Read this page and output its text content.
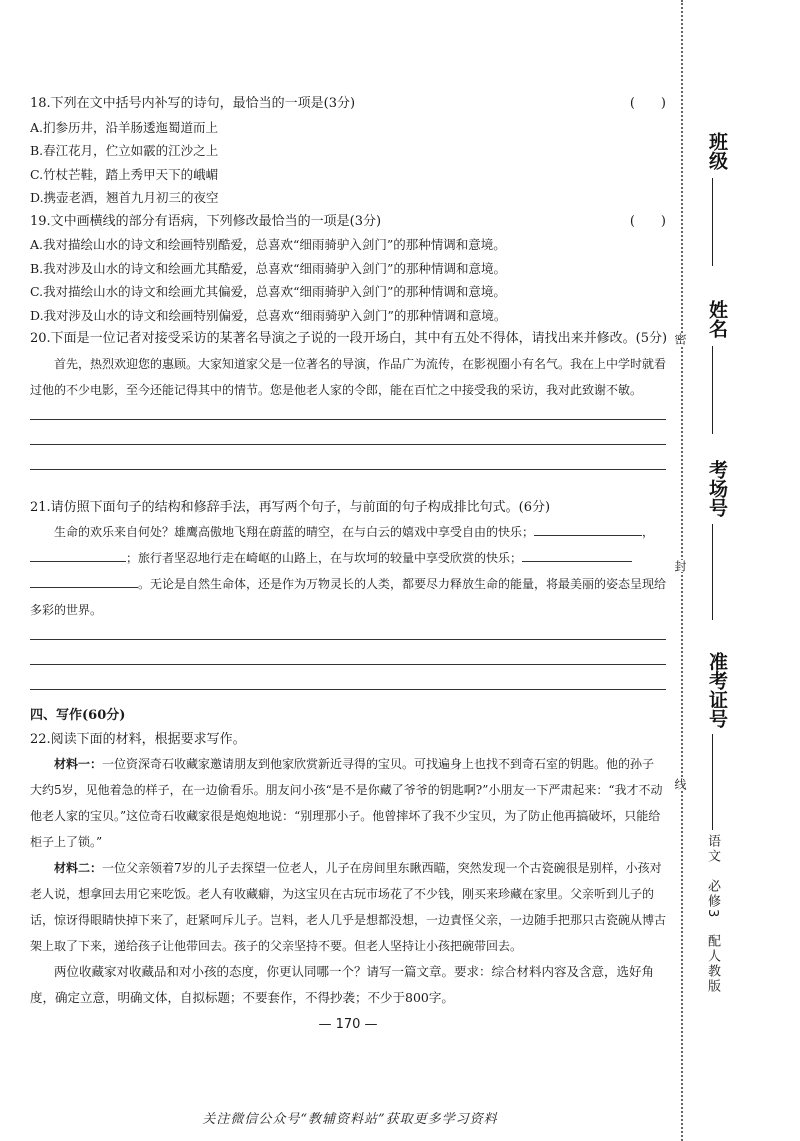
18.下列在文中括号内补写的诗句，最恰当的一项是(3分)	(　　)
A.扪参历井，沿羊肠逶迤蜀道而上
B.春江花月，伫立如霰的江沙之上
C.竹杖芒鞋，踏上秀甲天下的峨嵋
D.携壶老酒，翘首九月初三的夜空
19.文中画横线的部分有语病，下列修改最恰当的一项是(3分)	(　　)
A.我对描绘山水的诗文和绘画特别酷爱，总喜欢“细雨骑驴入剑门”的那种情调和意境。
B.我对涉及山水的诗文和绘画尤其酷爱，总喜欢“细雨骑驴入剑门”的那种情调和意境。
C.我对描绘山水的诗文和绘画尤其偏爱，总喜欢“细雨骑驴入剑门”的那种情调和意境。
D.我对涉及山水的诗文和绘画特别偏爱，总喜欢“细雨骑驴入剑门”的那种情调和意境。
20.下面是一位记者对接受采访的某著名导演之子说的一段开场白，其中有五处不得体，请找出来并修改。(5分)
首先，热烈欢迎您的惠顾。大家知道家父是一位著名的导演，作品广为流传，在影视圈小有名气。我在上中学时就看过他的不少电影，至今还能记得其中的情节。您是他老人家的令郎，能在百忙之中接受我的采访，我对此致谢不敏。
21.请仿照下面句子的结构和修辞手法，再写两个句子，与前面的句子构成排比句式。(6分)
生命的欢乐来自何处？雄鹰高傲地飞翔在蔚蓝的晴空，在与白云的嬉戏中享受自由的快乐；	，
；旅行者坚忍地行走在崎岖的山路上，在与坎坷的较量中享受欣赏的快乐；
。无论是自然生命体，还是作为万物灵长的人类，都要尽力释放生命的能量，将最美丽的姿态呈现给多彩的世界。
四、写作(60分)
22.阅读下面的材料，根据要求写作。
材料一：一位资深奇石收藏家邀请朋友到他家欣赏新近寻得的宝贝。可找遍身上也找不到奇石室的钥匙。他的孙子大约5岁，见他着急的样子，在一边偷看乐。朋友问小孩“是不是你藏了爷爷的钥匙啊?”小朋友一下严肃起来：“我才不动他老人家的宝贝。”这位奇石收藏家很是炮炮地说：“别理那小子。他曾摔坏了我不少宝贝，为了防止他再搞破坏，只能给柜子上了锁。”
材料二：一位父亲领着7岁的儿子去探望一位老人，儿子在房间里东瞅西瞄，突然发现一个古瓷碗很是别样，小孩对老人说，想拿回去用它来吃饭。老人有收藏癖，为这宝贝在古玩市场花了不少钱，刚买来珍藏在家里。父亲听到儿子的话，惊讶得眼睛快掉下来了，赶紧呵斥儿子。岂料，老人几乎是想都没想，一边責怪父亲，一边随手把那只古瓷碗从博古架上取了下来，递给孩子让他带回去。孩子的父亲坚持不要。但老人坚持让小孩把碗带回去。
两位收藏家对收藏品和对小孩的态度，你更认同哪一个？请写一篇文章。要求：综合材料内容及含意，选好角度，确定立意，明确文体，自拟标题；不要套作，不得抄袭；不少于800字。
— 170 —
关注微信公众号“教辅资料站”获取更多学习资料
密
封
线
班级
姓名
考场号
准考证号
语文　必修3　配人教版
